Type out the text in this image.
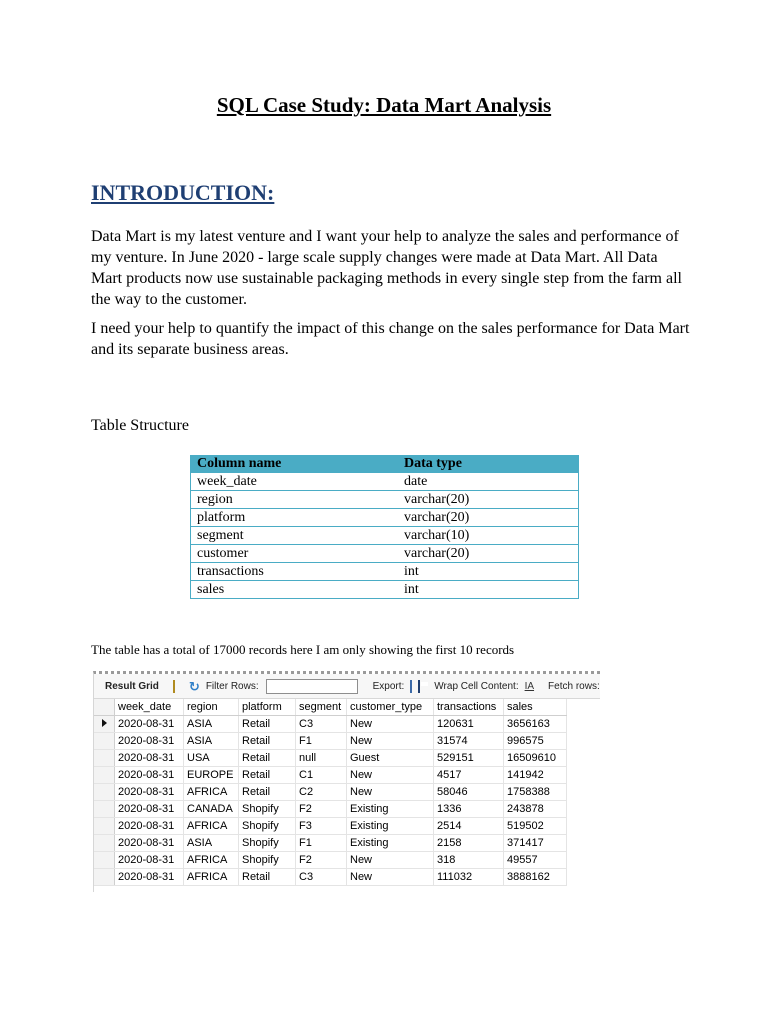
SQL Case Study: Data Mart Analysis
INTRODUCTION:
Data Mart is my latest venture and I want your help to analyze the sales and performance of my venture. In June 2020 - large scale supply changes were made at Data Mart. All Data Mart products now use sustainable packaging methods in every single step from the farm all the way to the customer.
I need your help to quantify the impact of this change on the sales performance for Data Mart and its separate business areas.
Table Structure
Column name	Data type
week_date	date
region	varchar(20)
platform	varchar(20)
segment	varchar(10)
customer	varchar(20)
transactions	int
sales	int
The table has a total of 17000 records here I am only showing the first 10 records
Result Grid ↻ Filter Rows:	Export:	Wrap Cell Content: IA Fetch rows:
	week_date	region	platform	segment	customer_type	transactions	sales
	2020-08-31	ASIA	Retail	C3	New	120631	3656163
	2020-08-31	ASIA	Retail	F1	New	31574	996575
	2020-08-31	USA	Retail	null	Guest	529151	16509610
	2020-08-31	EUROPE	Retail	C1	New	4517	141942
	2020-08-31	AFRICA	Retail	C2	New	58046	1758388
	2020-08-31	CANADA	Shopify	F2	Existing	1336	243878
	2020-08-31	AFRICA	Shopify	F3	Existing	2514	519502
	2020-08-31	ASIA	Shopify	F1	Existing	2158	371417
	2020-08-31	AFRICA	Shopify	F2	New	318	49557
	2020-08-31	AFRICA	Retail	C3	New	111032	3888162
